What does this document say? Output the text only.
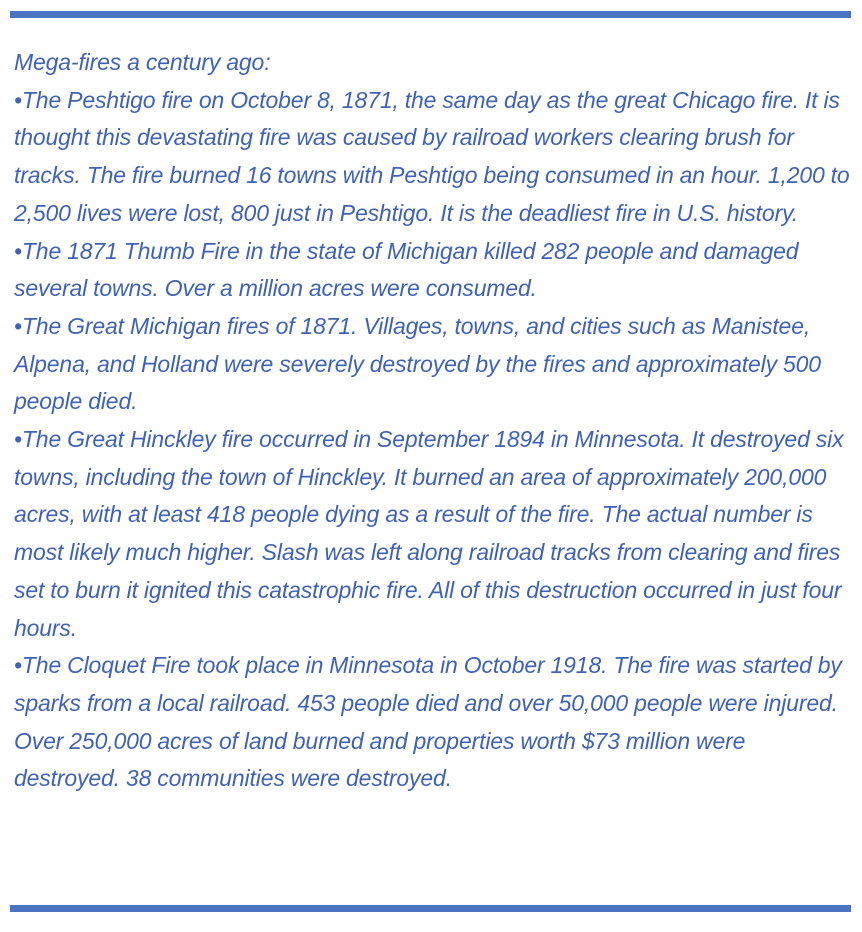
Mega-fires a century ago:

•The Peshtigo fire on October 8, 1871, the same day as the great Chicago fire. It is thought this devastating fire was caused by railroad workers clearing brush for tracks. The fire burned 16 towns with Peshtigo being consumed in an hour. 1,200 to 2,500 lives were lost, 800 just in Peshtigo. It is the deadliest fire in U.S. history.

•The 1871 Thumb Fire in the state of Michigan killed 282 people and damaged several towns. Over a million acres were consumed.

•The Great Michigan fires of 1871. Villages, towns, and cities such as Manistee, Alpena, and Holland were severely destroyed by the fires and approximately 500 people died.

•The Great Hinckley fire occurred in September 1894 in Minnesota. It destroyed six towns, including the town of Hinckley. It burned an area of approximately 200,000 acres, with at least 418 people dying as a result of the fire. The actual number is most likely much higher. Slash was left along railroad tracks from clearing and fires set to burn it ignited this catastrophic fire. All of this destruction occurred in just four hours.

•The Cloquet Fire took place in Minnesota in October 1918. The fire was started by sparks from a local railroad. 453 people died and over 50,000 people were injured. Over 250,000 acres of land burned and properties worth $73 million were destroyed. 38 communities were destroyed.
